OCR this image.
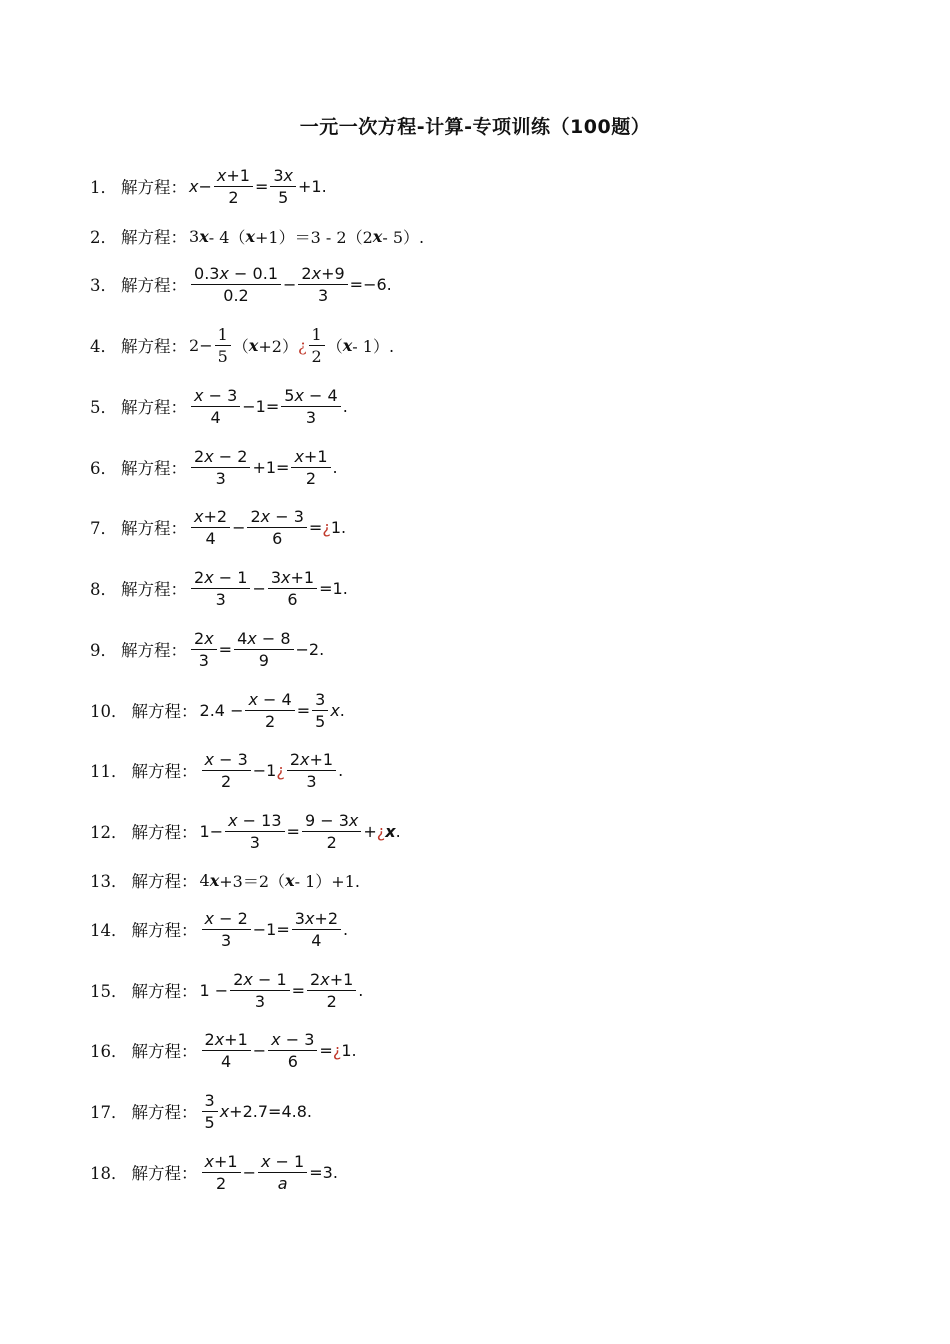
一元一次方程-计算-专项训练（100题）
1． 解方程： $x - \frac{x+1}{2} = \frac{3x}{5} +1$.
2． 解方程： 3 x - 4（ x +1）＝3 - 2（2 x - 5）.
3． 解方程： $\frac{0.3x - 0.1}{0.2} - \frac{2x+9}{3} =-6$.
4． 解方程： $2- \frac{1}{5}$ （ x +2） ¿ $\frac{1}{2}$ （ x - 1）.
5． 解方程： $\frac{x - 3}{4} -1= \frac{5x - 4}{3}$ .
6． 解方程： $\frac{2x - 2}{3} +1= \frac{x+1}{2}$ .
7． 解方程： $\frac{x+2}{4} - \frac{2x - 3}{6}$ = ¿ 1.
8． 解方程： $\frac{2x - 1}{3} - \frac{3x+1}{6} =1$.
9． 解方程： $\frac{2x}{3} = \frac{4x - 8}{9} -2$.
10． 解方程： $2.4 - \frac{x - 4}{2} = \frac{3}{5} x$.
11． 解方程： $\frac{x - 3}{2} -1$ ¿ $\frac{2x+1}{3}$ .
12． 解方程： $1- \frac{x - 13}{3} = \frac{9 - 3x}{2}$ + ¿ x .
13． 解方程： 4 x +3＝2（ x - 1）+1.
14． 解方程： $\frac{x - 2}{3} -1= \frac{3x+2}{4}$ .
15． 解方程： $1 - \frac{2x - 1}{3} = \frac{2x+1}{2}$ .
16． 解方程： $\frac{2x+1}{4} - \frac{x - 3}{6}$ = ¿ 1.
17． 解方程： $\frac{3}{5} x+2.7=4.8$.
18． 解方程： $\frac{x+1}{2} - \frac{x - 1}{a} =3$.
